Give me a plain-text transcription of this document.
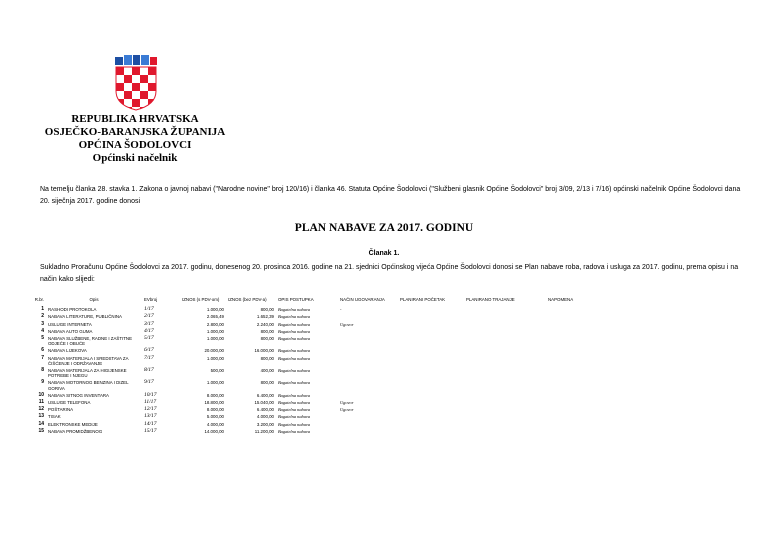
REPUBLIKA HRVATSKA
OSJEČKO-BARANJSKA ŽUPANIJA
OPĆINA ŠODOLOVCI
Općinski načelnik
Na temelju članka 28. stavka 1. Zakona o javnoj nabavi ("Narodne novine" broj 120/16) i članka 46. Statuta Općine Šodolovci ("Službeni glasnik Općine Šodolovci" broj 3/09, 2/13 i 7/16) općinski načelnik Općine Šodolovci dana 20. siječnja 2017. godine donosi
PLAN NABAVE ZA 2017. GODINU
Članak 1.
Sukladno Proračunu Općine Šodolovci za 2017. godinu, donesenog 20. prosinca 2016. godine na 21. sjednici Općinskog vijeća Općine Šodolovci donosi se Plan nabave roba, radova i usluga za 2017. godinu, prema opisu i na način kako slijedi:
R.br.	Opis	EVbroj	IZNOS (s PDV-om)	IZNOS (bez PDV-a)	OPIS POSTUPKA	NAČIN UGOVARANJA	PLANIRANI POČETAK	PLANIRANO TRAJANJE	NAPOMENA
1	RASHODI PROTOKOLA	1/17	1.000,00	800,00	Bagatelna nabava	-			
2	NABAVA LITERATURE, PUBLIČNINA	2/17	2.065,49	1.652,39	Bagatelna nabava				
3	USLUGE INTERNETA	3/17	2.800,00	2.240,00	Bagatelna nabava	Ugovor			
4	NABAVA AUTO GUMA	4/17	1.000,00	800,00	Bagatelna nabava				
5	NABAVA SLUŽBENE, RADNE I ZAŠTITNE ODJEĆE I OBUĆE	5/17	1.000,00	800,00	Bagatelna nabava				
6	NABAVA LIJEKOVA	6/17	20.000,00	16.000,00	Bagatelna nabava				
7	NABAVA MATERIJALA I SREDSTAVA ZA ČIŠĆENJE I ODRŽAVANJE	7/17	1.000,00	800,00	Bagatelna nabava				
8	NABAVA MATERIJALA ZA HIGIJENSKE POTREBE I NJEGU	8/17	500,00	400,00	Bagatelna nabava				
9	NABAVA MOTORNOG BENZINA I DIZEL GORIVA	9/17	1.000,00	800,00	Bagatelna nabava				
10	NABAVA SITNOG INVENTARA	10/17	8.000,00	6.400,00	Bagatelna nabava				
11	USLUGE TELEFONA	11/17	18.800,00	15.040,00	Bagatelna nabava	Ugovor			
12	POŠTARINA	12/17	8.000,00	6.400,00	Bagatelna nabava	Ugovor			
13	TISAK	13/17	5.000,00	4.000,00	Bagatelna nabava				
14	ELEKTRONSKE MEDIJE	14/17	4.000,00	3.200,00	Bagatelna nabava				
15	NABAVA PROMIDŽBENOG	15/17	14.000,00	11.200,00	Bagatelna nabava				
